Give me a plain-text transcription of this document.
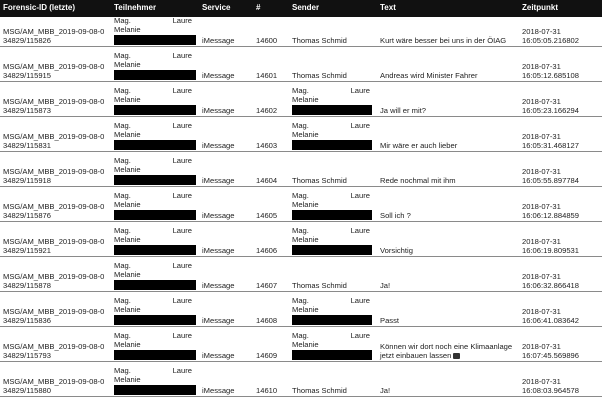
Forensic-ID (letzte)	Teilnehmer	Service	#	Sender	Text	Zeitpunkt
MSG/AM_MBB_2019-09-08-034829/115826	Mag. Laure
Melanie	iMessage	14600	Thomas Schmid	Kurt wäre besser bei uns in der ÖIAG	2018-07-31
16:05:05.216802
MSG/AM_MBB_2019-09-08-034829/115915	Mag. Laure
Melanie	iMessage	14601	Thomas Schmid	Andreas wird Minister Fahrer	2018-07-31
16:05:12.685108
MSG/AM_MBB_2019-09-08-034829/115873	Mag. Laure
Melanie	iMessage	14602	Mag. Laure
Melanie	Ja will er mit?	2018-07-31
16:05:23.166294
MSG/AM_MBB_2019-09-08-034829/115831	Mag. Laure
Melanie	iMessage	14603	Mag. Laure
Melanie	Mir wäre er auch lieber	2018-07-31
16:05:31.468127
MSG/AM_MBB_2019-09-08-034829/115918	Mag. Laure
Melanie	iMessage	14604	Thomas Schmid	Rede nochmal mit ihm	2018-07-31
16:05:55.897784
MSG/AM_MBB_2019-09-08-034829/115876	Mag. Laure
Melanie	iMessage	14605	Mag. Laure
Melanie	Soll ich ?	2018-07-31
16:06:12.884859
MSG/AM_MBB_2019-09-08-034829/115921	Mag. Laure
Melanie	iMessage	14606	Mag. Laure
Melanie	Vorsichtig	2018-07-31
16:06:19.809531
MSG/AM_MBB_2019-09-08-034829/115878	Mag. Laure
Melanie	iMessage	14607	Thomas Schmid	Ja!	2018-07-31
16:06:32.866418
MSG/AM_MBB_2019-09-08-034829/115836	Mag. Laure
Melanie	iMessage	14608	Mag. Laure
Melanie	Passt	2018-07-31
16:06:41.083642
MSG/AM_MBB_2019-09-08-034829/115793	Mag. Laure
Melanie	iMessage	14609	Mag. Laure
Melanie	Können wir dort noch eine Klimaanlage jetzt einbauen lassen	2018-07-31
16:07:45.569896
MSG/AM_MBB_2019-09-08-034829/115880	Mag. Laure
Melanie	iMessage	14610	Thomas Schmid	Ja!	2018-07-31
16:08:03.964578
